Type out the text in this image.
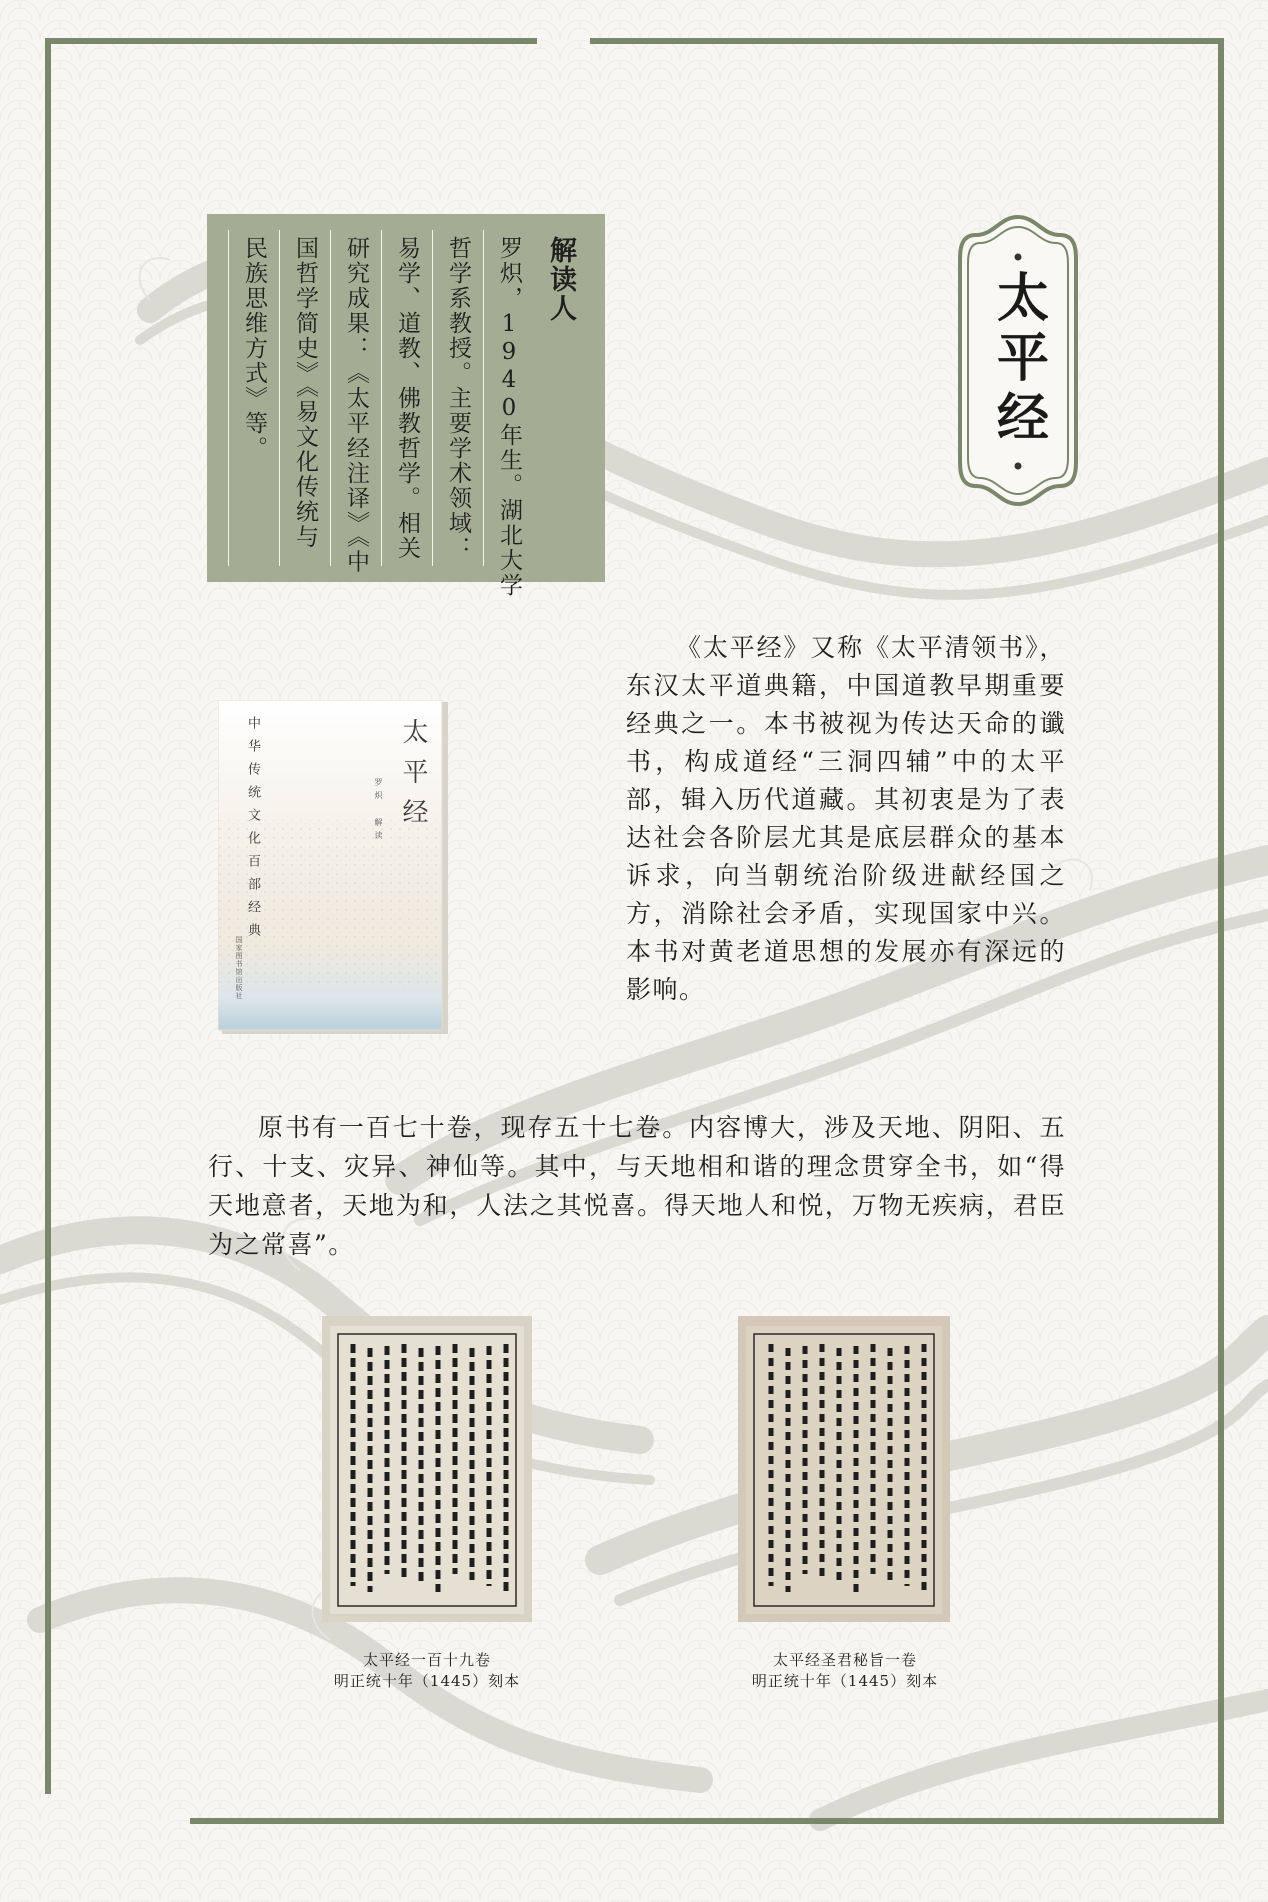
解读人
罗炽，1940年生。湖北大学
哲学系教授。主要学术领域：
易学、道教、佛教哲学。相关
研究成果：《太平经注译》《中
国哲学简史》《易文化传统与
民族思维方式》等。	太平经
中华传统文化百部经典	太平经
罗炽 解读
国家图书馆出版社
《太平经》又称《太平清领书》，东汉太平道典籍，中国道教早期重要经典之一。本书被视为传达天命的谶书，构成道经“三洞四辅”中的太平部，辑入历代道藏。其初衷是为了表达社会各阶层尤其是底层群众的基本诉求，向当朝统治阶级进献经国之方，消除社会矛盾，实现国家中兴。本书对黄老道思想的发展亦有深远的影响。
原书有一百七十卷，现存五十七卷。内容博大，涉及天地、阴阳、五行、十支、灾异、神仙等。其中，与天地相和谐的理念贯穿全书，如“得天地意者，天地为和，人法之其悦喜。得天地人和悦，万物无疾病，君臣为之常喜”。
太平经一百十九卷
明正统十年（1445）刻本
太平经圣君秘旨一卷
明正统十年（1445）刻本
